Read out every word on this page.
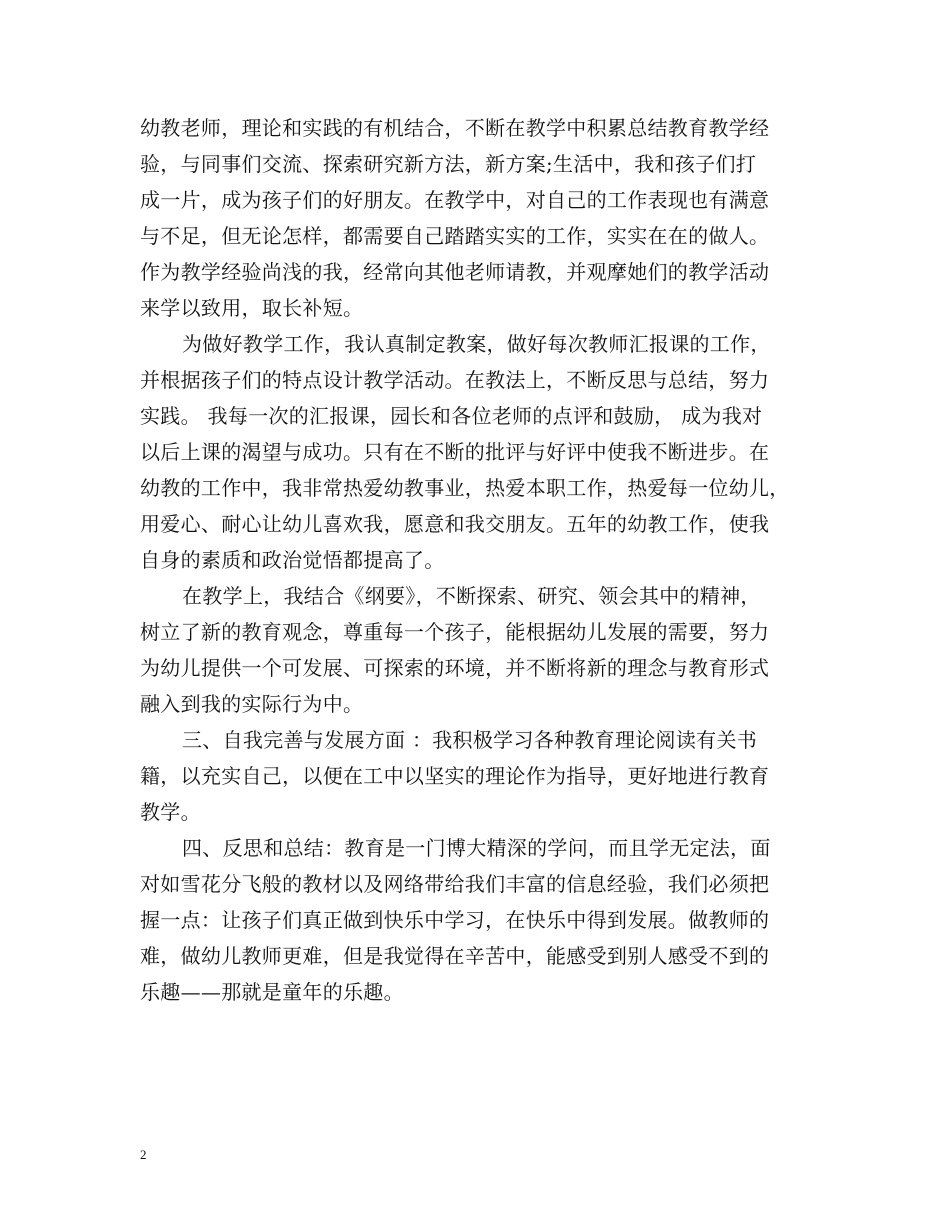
幼教老师，理论和实践的有机结合，不断在教学中积累总结教育教学经
验，与同事们交流、探索研究新方法，新方案;生活中，我和孩子们打
成一片，成为孩子们的好朋友。在教学中，对自己的工作表现也有满意
与不足，但无论怎样，都需要自己踏踏实实的工作，实实在在的做人。
作为教学经验尚浅的我，经常向其他老师请教，并观摩她们的教学活动
来学以致用，取长补短。
为做好教学工作，我认真制定教案，做好每次教师汇报课的工作，
并根据孩子们的特点设计教学活动。在教法上，不断反思与总结，努力
实践。 我每一次的汇报课，园长和各位老师的点评和鼓励， 成为我对
以后上课的渴望与成功。只有在不断的批评与好评中使我不断进步。在
幼教的工作中，我非常热爱幼教事业，热爱本职工作，热爱每一位幼儿，
用爱心、耐心让幼儿喜欢我，愿意和我交朋友。五年的幼教工作，使我
自身的素质和政治觉悟都提高了。
在教学上，我结合《纲要》，不断探索、研究、领会其中的精神，
树立了新的教育观念，尊重每一个孩子，能根据幼儿发展的需要，努力
为幼儿提供一个可发展、可探索的环境，并不断将新的理念与教育形式
融入到我的实际行为中。
三、自我完善与发展方面 ：我积极学习各种教育理论阅读有关书
籍，以充实自己，以便在工中以坚实的理论作为指导，更好地进行教育
教学。
四、反思和总结：教育是一门博大精深的学问，而且学无定法，面
对如雪花分飞般的教材以及网络带给我们丰富的信息经验，我们必须把
握一点：让孩子们真正做到快乐中学习，在快乐中得到发展。做教师的
难，做幼儿教师更难，但是我觉得在辛苦中，能感受到别人感受不到的
乐趣——那就是童年的乐趣。
2
